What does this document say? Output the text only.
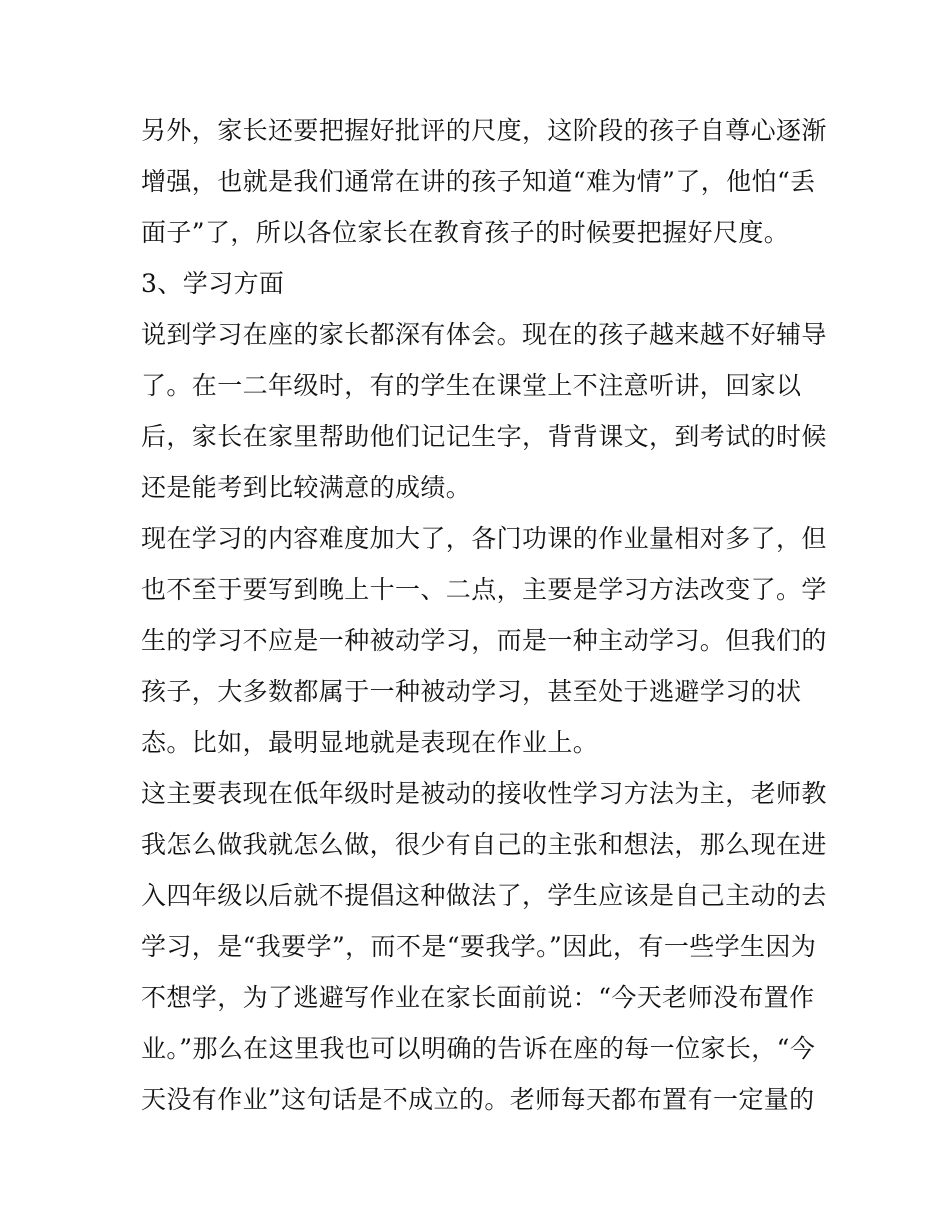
另外，家长还要把握好批评的尺度，这阶段的孩子自尊心逐渐
增强，也就是我们通常在讲的孩子知道“难为情”了，他怕“丢
面子”了，所以各位家长在教育孩子的时候要把握好尺度。
3、学习方面
说到学习在座的家长都深有体会。现在的孩子越来越不好辅导
了。在一二年级时，有的学生在课堂上不注意听讲，回家以
后，家长在家里帮助他们记记生字，背背课文，到考试的时候
还是能考到比较满意的成绩。
现在学习的内容难度加大了，各门功课的作业量相对多了，但
也不至于要写到晚上十一、二点，主要是学习方法改变了。学
生的学习不应是一种被动学习，而是一种主动学习。但我们的
孩子，大多数都属于一种被动学习，甚至处于逃避学习的状
态。比如，最明显地就是表现在作业上。
这主要表现在低年级时是被动的接收性学习方法为主，老师教
我怎么做我就怎么做，很少有自己的主张和想法，那么现在进
入四年级以后就不提倡这种做法了，学生应该是自己主动的去
学习，是“我要学”，而不是“要我学。”因此，有一些学生因为
不想学，为了逃避写作业在家长面前说：“今天老师没布置作
业。”那么在这里我也可以明确的告诉在座的每一位家长，“今
天没有作业”这句话是不成立的。老师每天都布置有一定量的
